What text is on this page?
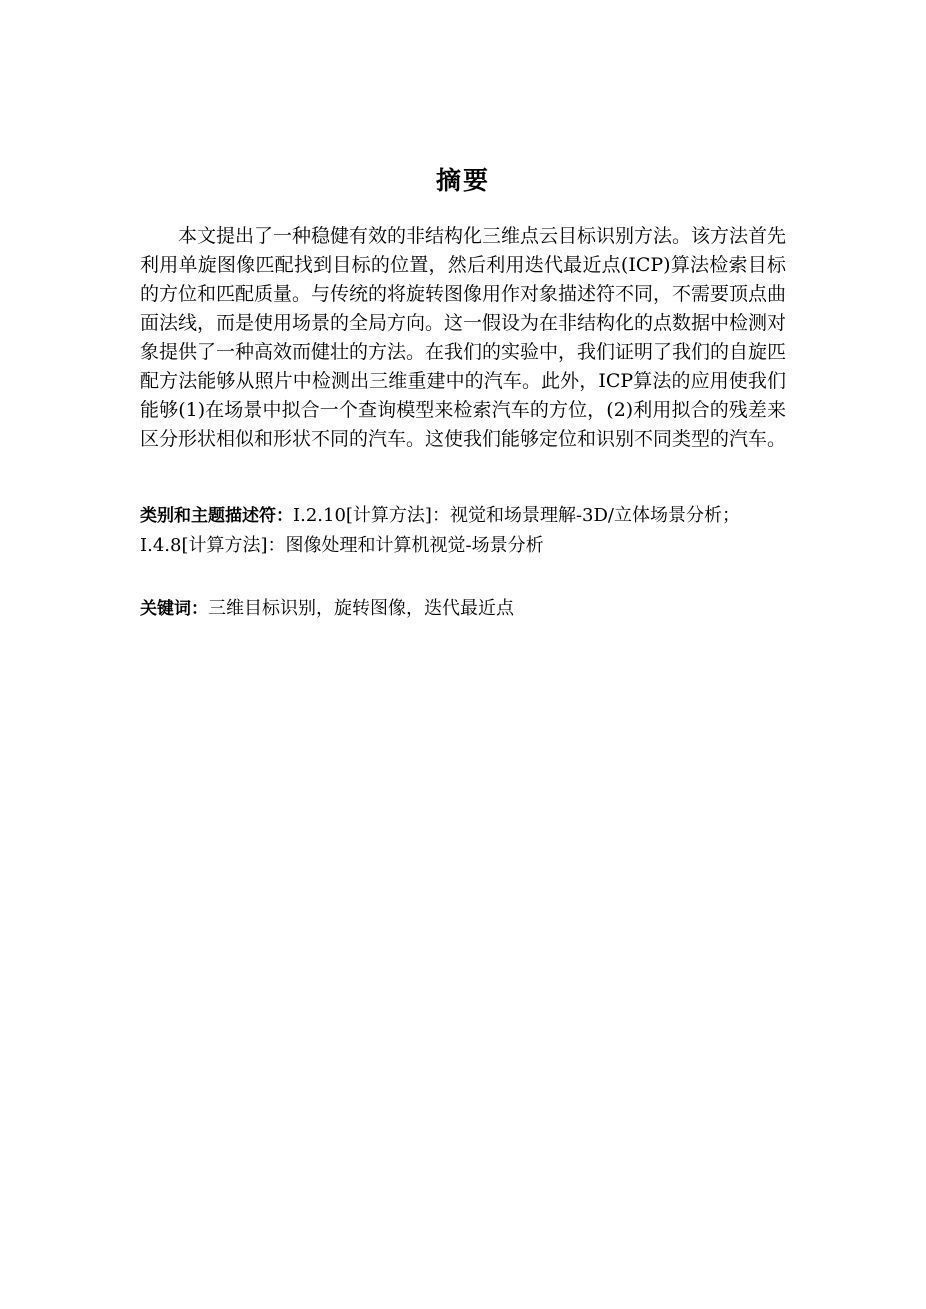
摘要

本文提出了一种稳健有效的非结构化三维点云目标识别方法。该方法首先利用单旋图像匹配找到目标的位置，然后利用迭代最近点(ICP)算法检索目标的方位和匹配质量。与传统的将旋转图像用作对象描述符不同，不需要顶点曲面法线，而是使用场景的全局方向。这一假设为在非结构化的点数据中检测对象提供了一种高效而健壮的方法。在我们的实验中，我们证明了我们的自旋匹配方法能够从照片中检测出三维重建中的汽车。此外，ICP算法的应用使我们能够(1)在场景中拟合一个查询模型来检索汽车的方位，(2)利用拟合的残差来区分形状相似和形状不同的汽车。这使我们能够定位和识别不同类型的汽车。

类别和主题描述符：I.2.10[计算方法]：视觉和场景理解-3D/立体场景分析；I.4.8[计算方法]：图像处理和计算机视觉-场景分析

关键词：三维目标识别，旋转图像，迭代最近点
